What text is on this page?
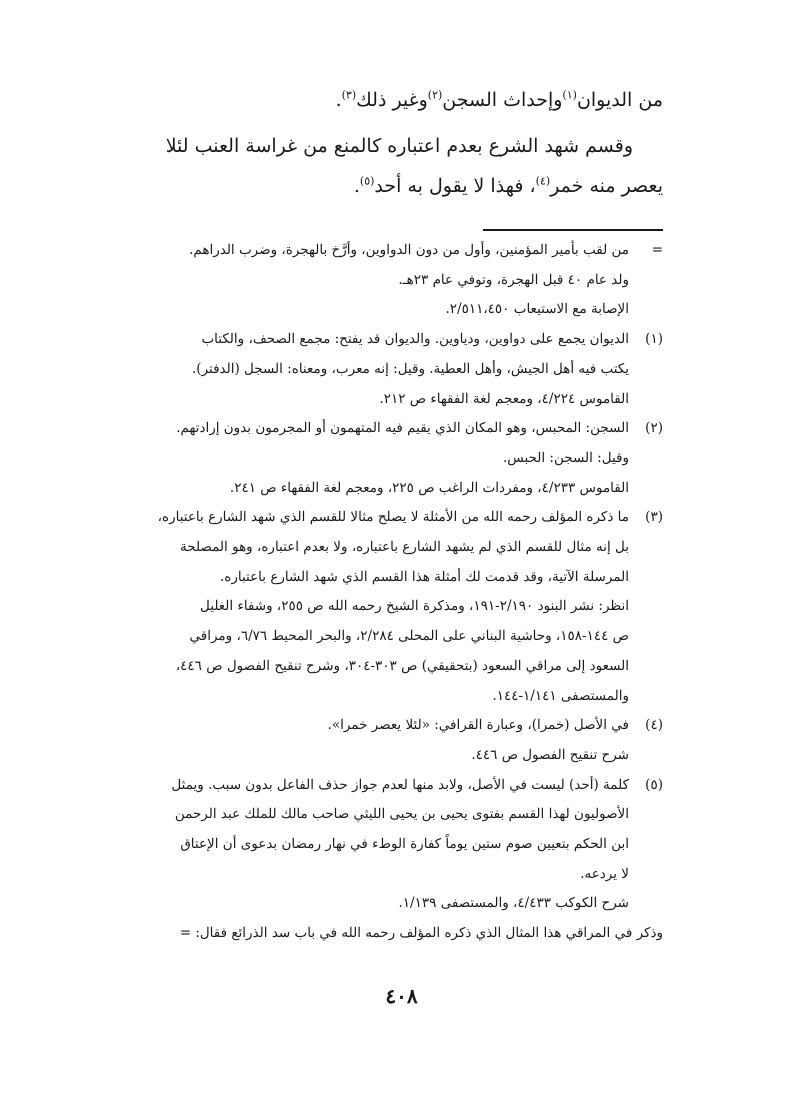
من الديوان$^{(١)}$وإحداث السجن$^{(٢)}$وغير ذلك$^{(٣)}$.

وقسم شهد الشرع بعدم اعتباره كالمنع من غراسة العنب لئلا يعصر منه خمر$^{(٤)}$، فهذا لا يقول به أحد$^{(٥)}$.

=
من لقب بأمير المؤمنين، وأول من دون الدواوين، وأرَّخ بالهجرة، وضرب الدراهم.
ولد عام ٤٠ قبل الهجرة، وتوفي عام ٢٣هـ.
الإصابة مع الاستيعاب ٢/٥١١،٤٥٠.
(١)
الديوان يجمع على دواوين، ودياوين. والديوان قد يفتح: مجمع الصحف، والكتاب
يكتب فيه أهل الجيش، وأهل العطية. وقيل: إنه معرب، ومعناه: السجل (الدفتر).
القاموس ٤/٢٢٤، ومعجم لغة الفقهاء ص ٢١٢.
(٢)
السجن: المحبس، وهو المكان الذي يقيم فيه المتهمون أو المجرمون بدون إرادتهم.
وقيل: السجن: الحبس.
القاموس ٤/٢٣٣، ومفردات الراغب ص ٢٢٥، ومعجم لغة الفقهاء ص ٢٤١.
(٣)
ما ذكره المؤلف رحمه الله من الأمثلة لا يصلح مثالا للقسم الذي شهد الشارع باعتباره،
بل إنه مثال للقسم الذي لم يشهد الشارع باعتباره، ولا بعدم اعتباره، وهو المصلحة
المرسلة الآتية، وقد قدمت لك أمثلة هذا القسم الذي شهد الشارع باعتباره.
انظر: نشر البنود ٢/١٩٠-١٩١، ومذكرة الشيخ رحمه الله ص ٢٥٥، وشفاء الغليل
ص ١٤٤-١٥٨، وحاشية البناني على المحلى ٢/٢٨٤، والبحر المحيط ٦/٧٦، ومراقي
السعود إلى مراقي السعود (بتحقيقي) ص ٣٠٣-٣٠٤، وشرح تنقيح الفصول ص ٤٤٦،
والمستصفى ١/١٤١-١٤٤.
(٤)
في الأصل (خمرا)، وعبارة القرافي: «لئلا يعصر خمرا».
شرح تنقيح الفصول ص ٤٤٦.
(٥)
كلمة (أحد) ليست في الأصل، ولابد منها لعدم جواز حذف الفاعل بدون سبب. ويمثل
الأصوليون لهذا القسم بفتوى يحيى بن يحيى الليثي صاحب مالك للملك عبد الرحمن
ابن الحكم بتعيين صوم ستين يوماً كفارة الوطء في نهار رمضان بدعوى أن الإعتاق
لا يردعه.
شرح الكوكب ٤/٤٣٣، والمستصفى ١/١٣٩.
وذكر في المراقي هذا المثال الذي ذكره المؤلف رحمه الله في باب سد الذرائع فقال: =
٤٠٨
